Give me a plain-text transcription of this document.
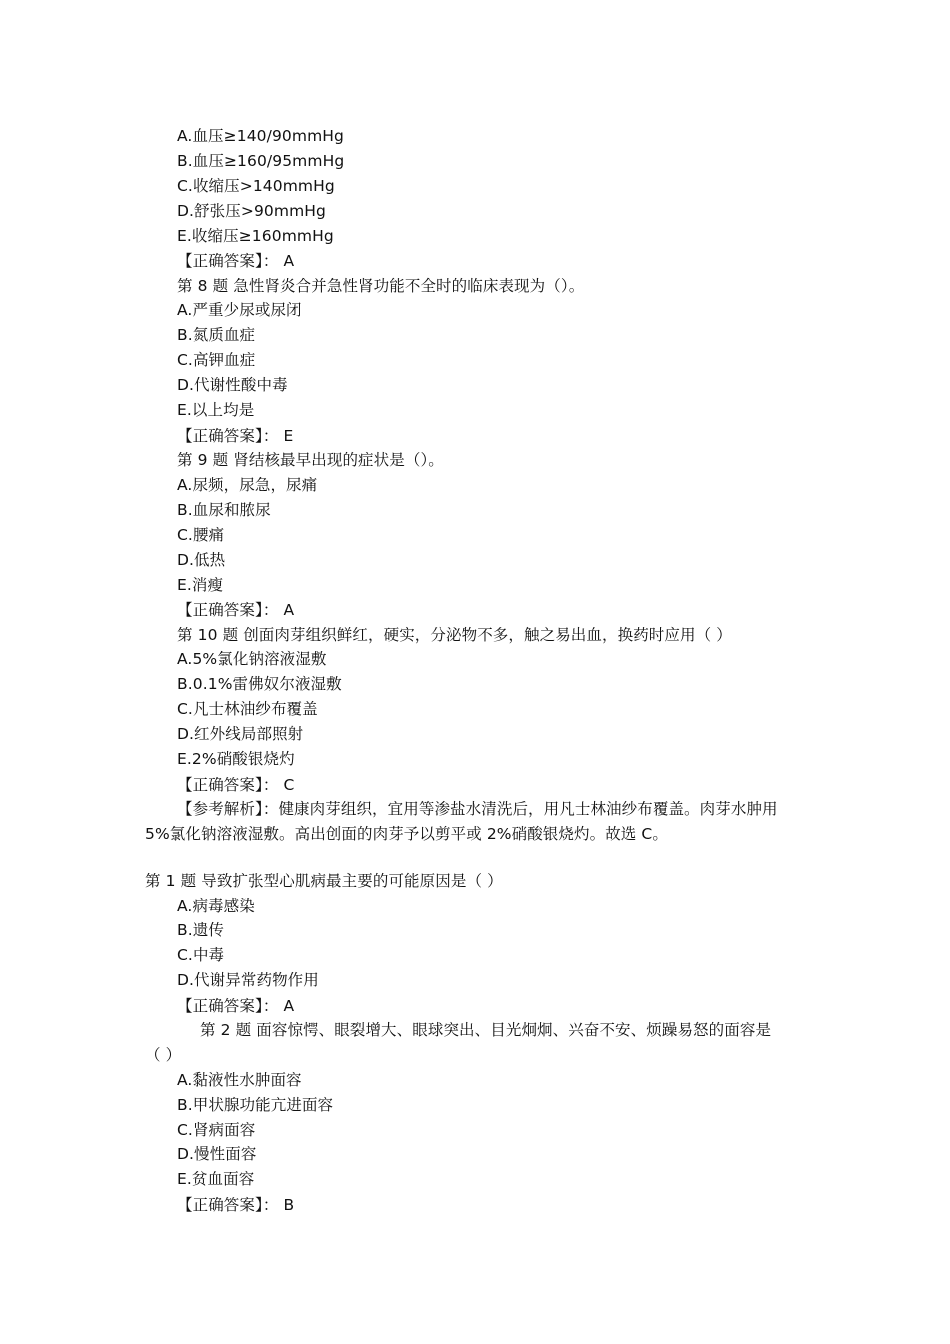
A.血压≥140/90mmHg
B.血压≥160/95mmHg
C.收缩压>140mmHg
D.舒张压>90mmHg
E.收缩压≥160mmHg
【正确答案】： A
第 8 题 急性肾炎合并急性肾功能不全时的临床表现为（）。
A.严重少尿或尿闭
B.氮质血症
C.高钾血症
D.代谢性酸中毒
E.以上均是
【正确答案】： E
第 9 题 肾结核最早出现的症状是（）。
A.尿频，尿急，尿痛
B.血尿和脓尿
C.腰痛
D.低热
E.消瘦
【正确答案】： A
第 10 题 创面肉芽组织鲜红，硬实，分泌物不多，触之易出血，换药时应用（ ）
A.5%氯化钠溶液湿敷
B.0.1%雷佛奴尔液湿敷
C.凡士林油纱布覆盖
D.红外线局部照射
E.2%硝酸银烧灼
【正确答案】： C
【参考解析】：健康肉芽组织，宜用等渗盐水清洗后，用凡士林油纱布覆盖。肉芽水肿用
5%氯化钠溶液湿敷。高出创面的肉芽予以剪平或 2%硝酸银烧灼。故选 C。
第 1 题 导致扩张型心肌病最主要的可能原因是（ ）
A.病毒感染
B.遗传
C.中毒
D.代谢异常药物作用
【正确答案】： A
第 2 题 面容惊愕、眼裂增大、眼球突出、目光炯炯、兴奋不安、烦躁易怒的面容是
（ ）
A.黏液性水肿面容
B.甲状腺功能亢进面容
C.肾病面容
D.慢性面容
E.贫血面容
【正确答案】： B
